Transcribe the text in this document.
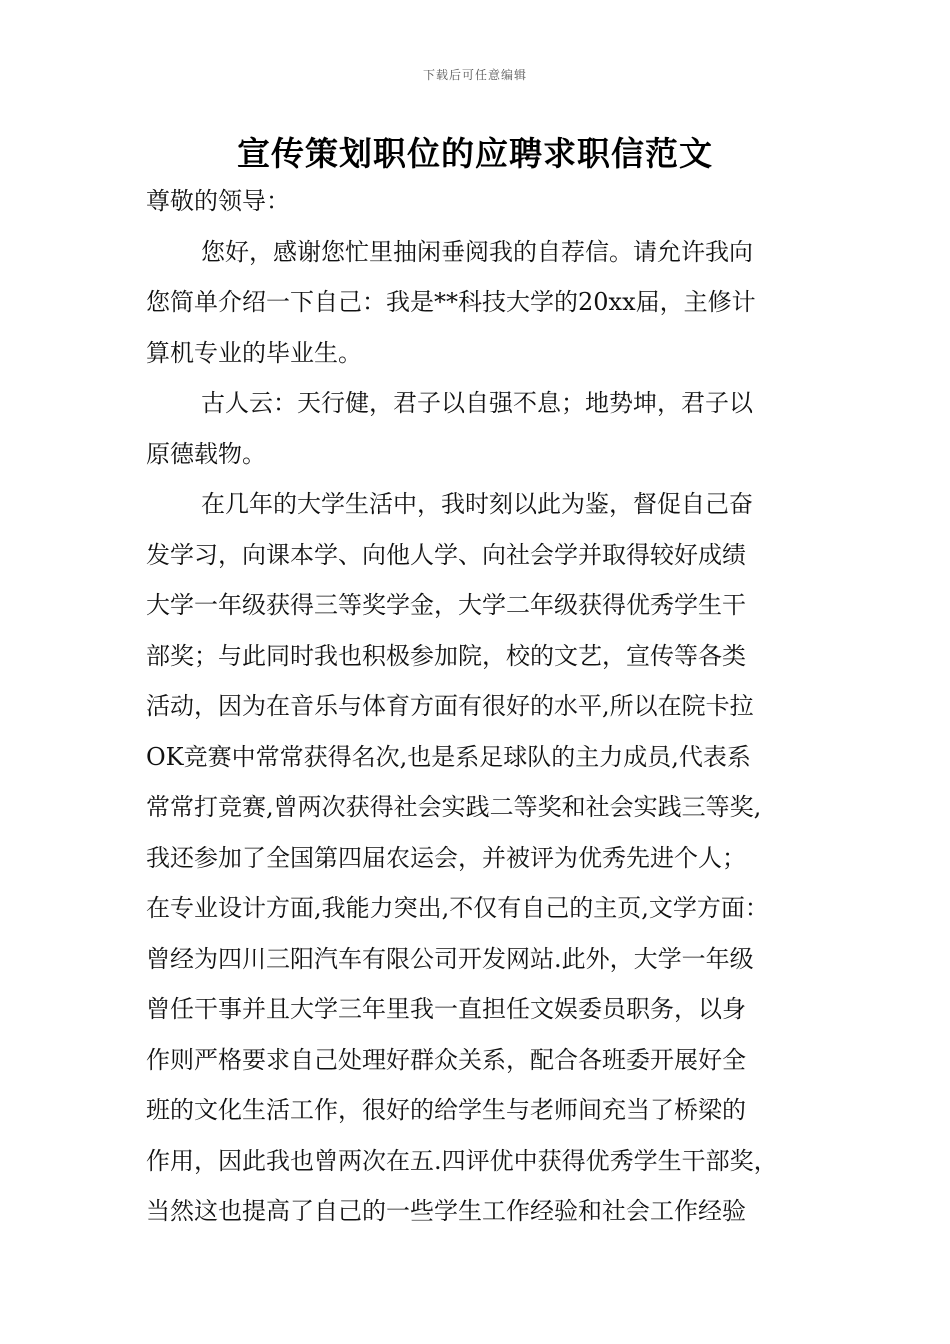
下载后可任意编辑
宣传策划职位的应聘求职信范文

尊敬的领导：

您好，感谢您忙里抽闲垂阅我的自荐信。请允许我向

您简单介绍一下自己：我是**科技大学的20xx届，主修计

算机专业的毕业生。

古人云：天行健，君子以自强不息；地势坤，君子以

原德载物。

在几年的大学生活中，我时刻以此为鉴，督促自己奋

发学习，向课本学、向他人学、向社会学并取得较好成绩

大学一年级获得三等奖学金，大学二年级获得优秀学生干

部奖；与此同时我也积极参加院，校的文艺，宣传等各类

活动，因为在音乐与体育方面有很好的水平,所以在院卡拉

OK竞赛中常常获得名次,也是系足球队的主力成员,代表系

常常打竞赛,曾两次获得社会实践二等奖和社会实践三等奖,

我还参加了全国第四届农运会，并被评为优秀先进个人；

在专业设计方面,我能力突出,不仅有自己的主页,文学方面：

曾经为四川三阳汽车有限公司开发网站.此外，大学一年级

曾任干事并且大学三年里我一直担任文娱委员职务，以身

作则严格要求自己处理好群众关系，配合各班委开展好全

班的文化生活工作，很好的给学生与老师间充当了桥梁的

作用，因此我也曾两次在五.四评优中获得优秀学生干部奖，

当然这也提高了自己的一些学生工作经验和社会工作经验
